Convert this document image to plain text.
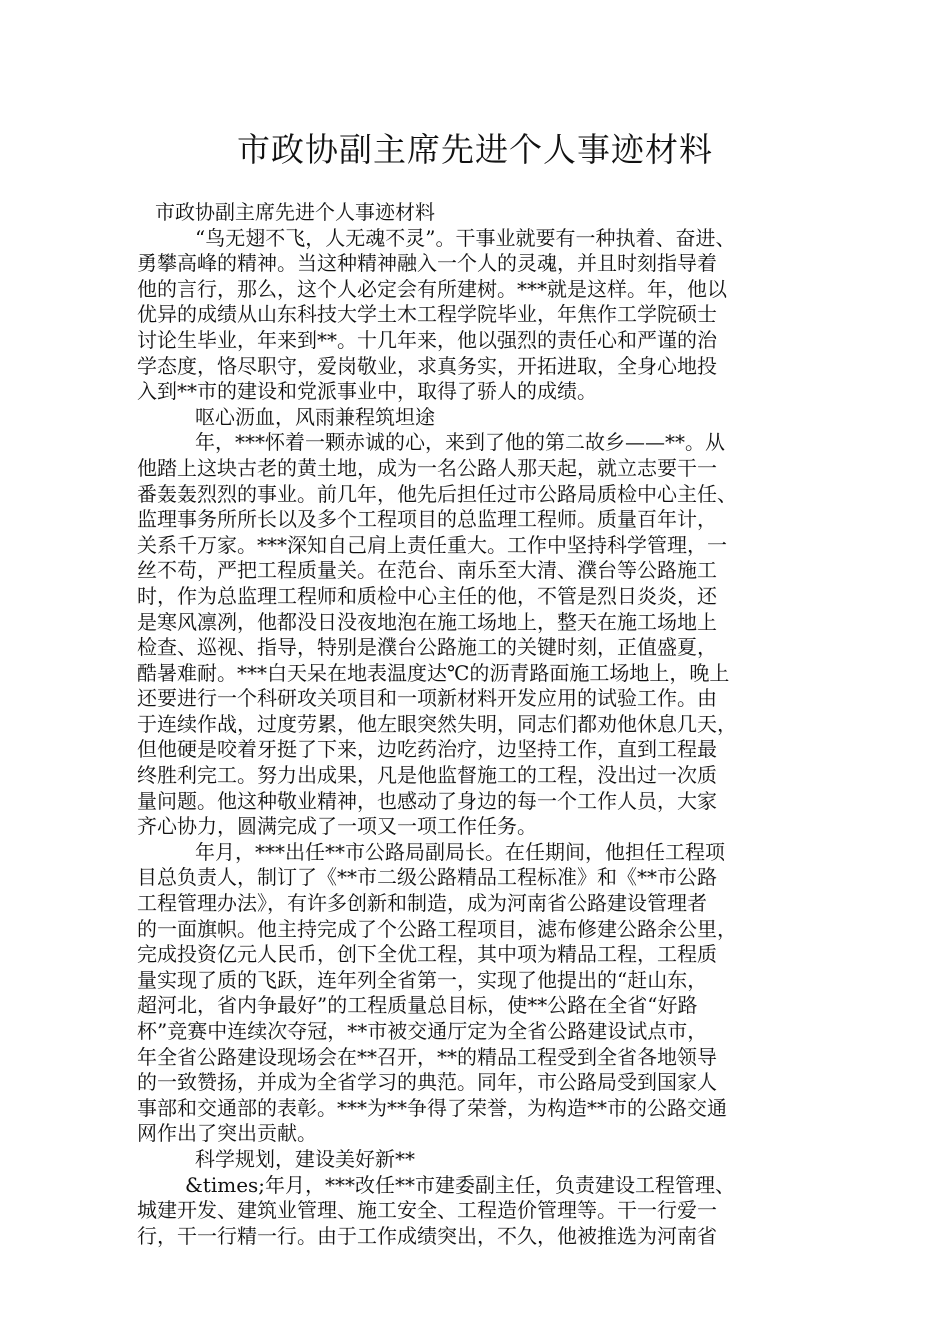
市政协副主席先进个人事迹材料
市政协副主席先进个人事迹材料
“鸟无翅不飞，人无魂不灵”。干事业就要有一种执着、奋进、
勇攀高峰的精神。当这种精神融入一个人的灵魂，并且时刻指导着
他的言行，那么，这个人必定会有所建树。***就是这样。年，他以
优异的成绩从山东科技大学土木工程学院毕业，年焦作工学院硕士
讨论生毕业，年来到**。十几年来，他以强烈的责任心和严谨的治
学态度，恪尽职守，爱岗敬业，求真务实，开拓进取，全身心地投
入到**市的建设和党派事业中，取得了骄人的成绩。
呕心沥血，风雨兼程筑坦途
年，***怀着一颗赤诚的心，来到了他的第二故乡——**。从
他踏上这块古老的黄土地，成为一名公路人那天起，就立志要干一
番轰轰烈烈的事业。前几年，他先后担任过市公路局质检中心主任、
监理事务所所长以及多个工程项目的总监理工程师。质量百年计，
关系千万家。***深知自己肩上责任重大。工作中坚持科学管理，一
丝不苟，严把工程质量关。在范台、南乐至大清、濮台等公路施工
时，作为总监理工程师和质检中心主任的他，不管是烈日炎炎，还
是寒风凛冽，他都没日没夜地泡在施工场地上，整天在施工场地上
检查、巡视、指导，特别是濮台公路施工的关键时刻，正值盛夏，
酷暑难耐。***白天呆在地表温度达℃的沥青路面施工场地上，晚上
还要进行一个科研攻关项目和一项新材料开发应用的试验工作。由
于连续作战，过度劳累，他左眼突然失明，同志们都劝他休息几天，
但他硬是咬着牙挺了下来，边吃药治疗，边坚持工作，直到工程最
终胜利完工。努力出成果，凡是他监督施工的工程，没出过一次质
量问题。他这种敬业精神，也感动了身边的每一个工作人员，大家
齐心协力，圆满完成了一项又一项工作任务。
年月，***出任**市公路局副局长。在任期间，他担任工程项
目总负责人，制订了《**市二级公路精品工程标准》和《**市公路
工程管理办法》，有许多创新和制造，成为河南省公路建设管理者
的一面旗帜。他主持完成了个公路工程项目，滤布修建公路余公里，
完成投资亿元人民币，创下全优工程，其中项为精品工程，工程质
量实现了质的飞跃，连年列全省第一，实现了他提出的“赶山东，
超河北，省内争最好”的工程质量总目标，使**公路在全省“好路
杯”竞赛中连续次夺冠，**市被交通厅定为全省公路建设试点市，
年全省公路建设现场会在**召开，**的精品工程受到全省各地领导
的一致赞扬，并成为全省学习的典范。同年，市公路局受到国家人
事部和交通部的表彰。***为**争得了荣誉，为构造**市的公路交通
网作出了突出贡献。
科学规划，建设美好新**
&times;年月，***改任**市建委副主任，负责建设工程管理、
城建开发、建筑业管理、施工安全、工程造价管理等。干一行爱一
行，干一行精一行。由于工作成绩突出，不久，他被推选为河南省
